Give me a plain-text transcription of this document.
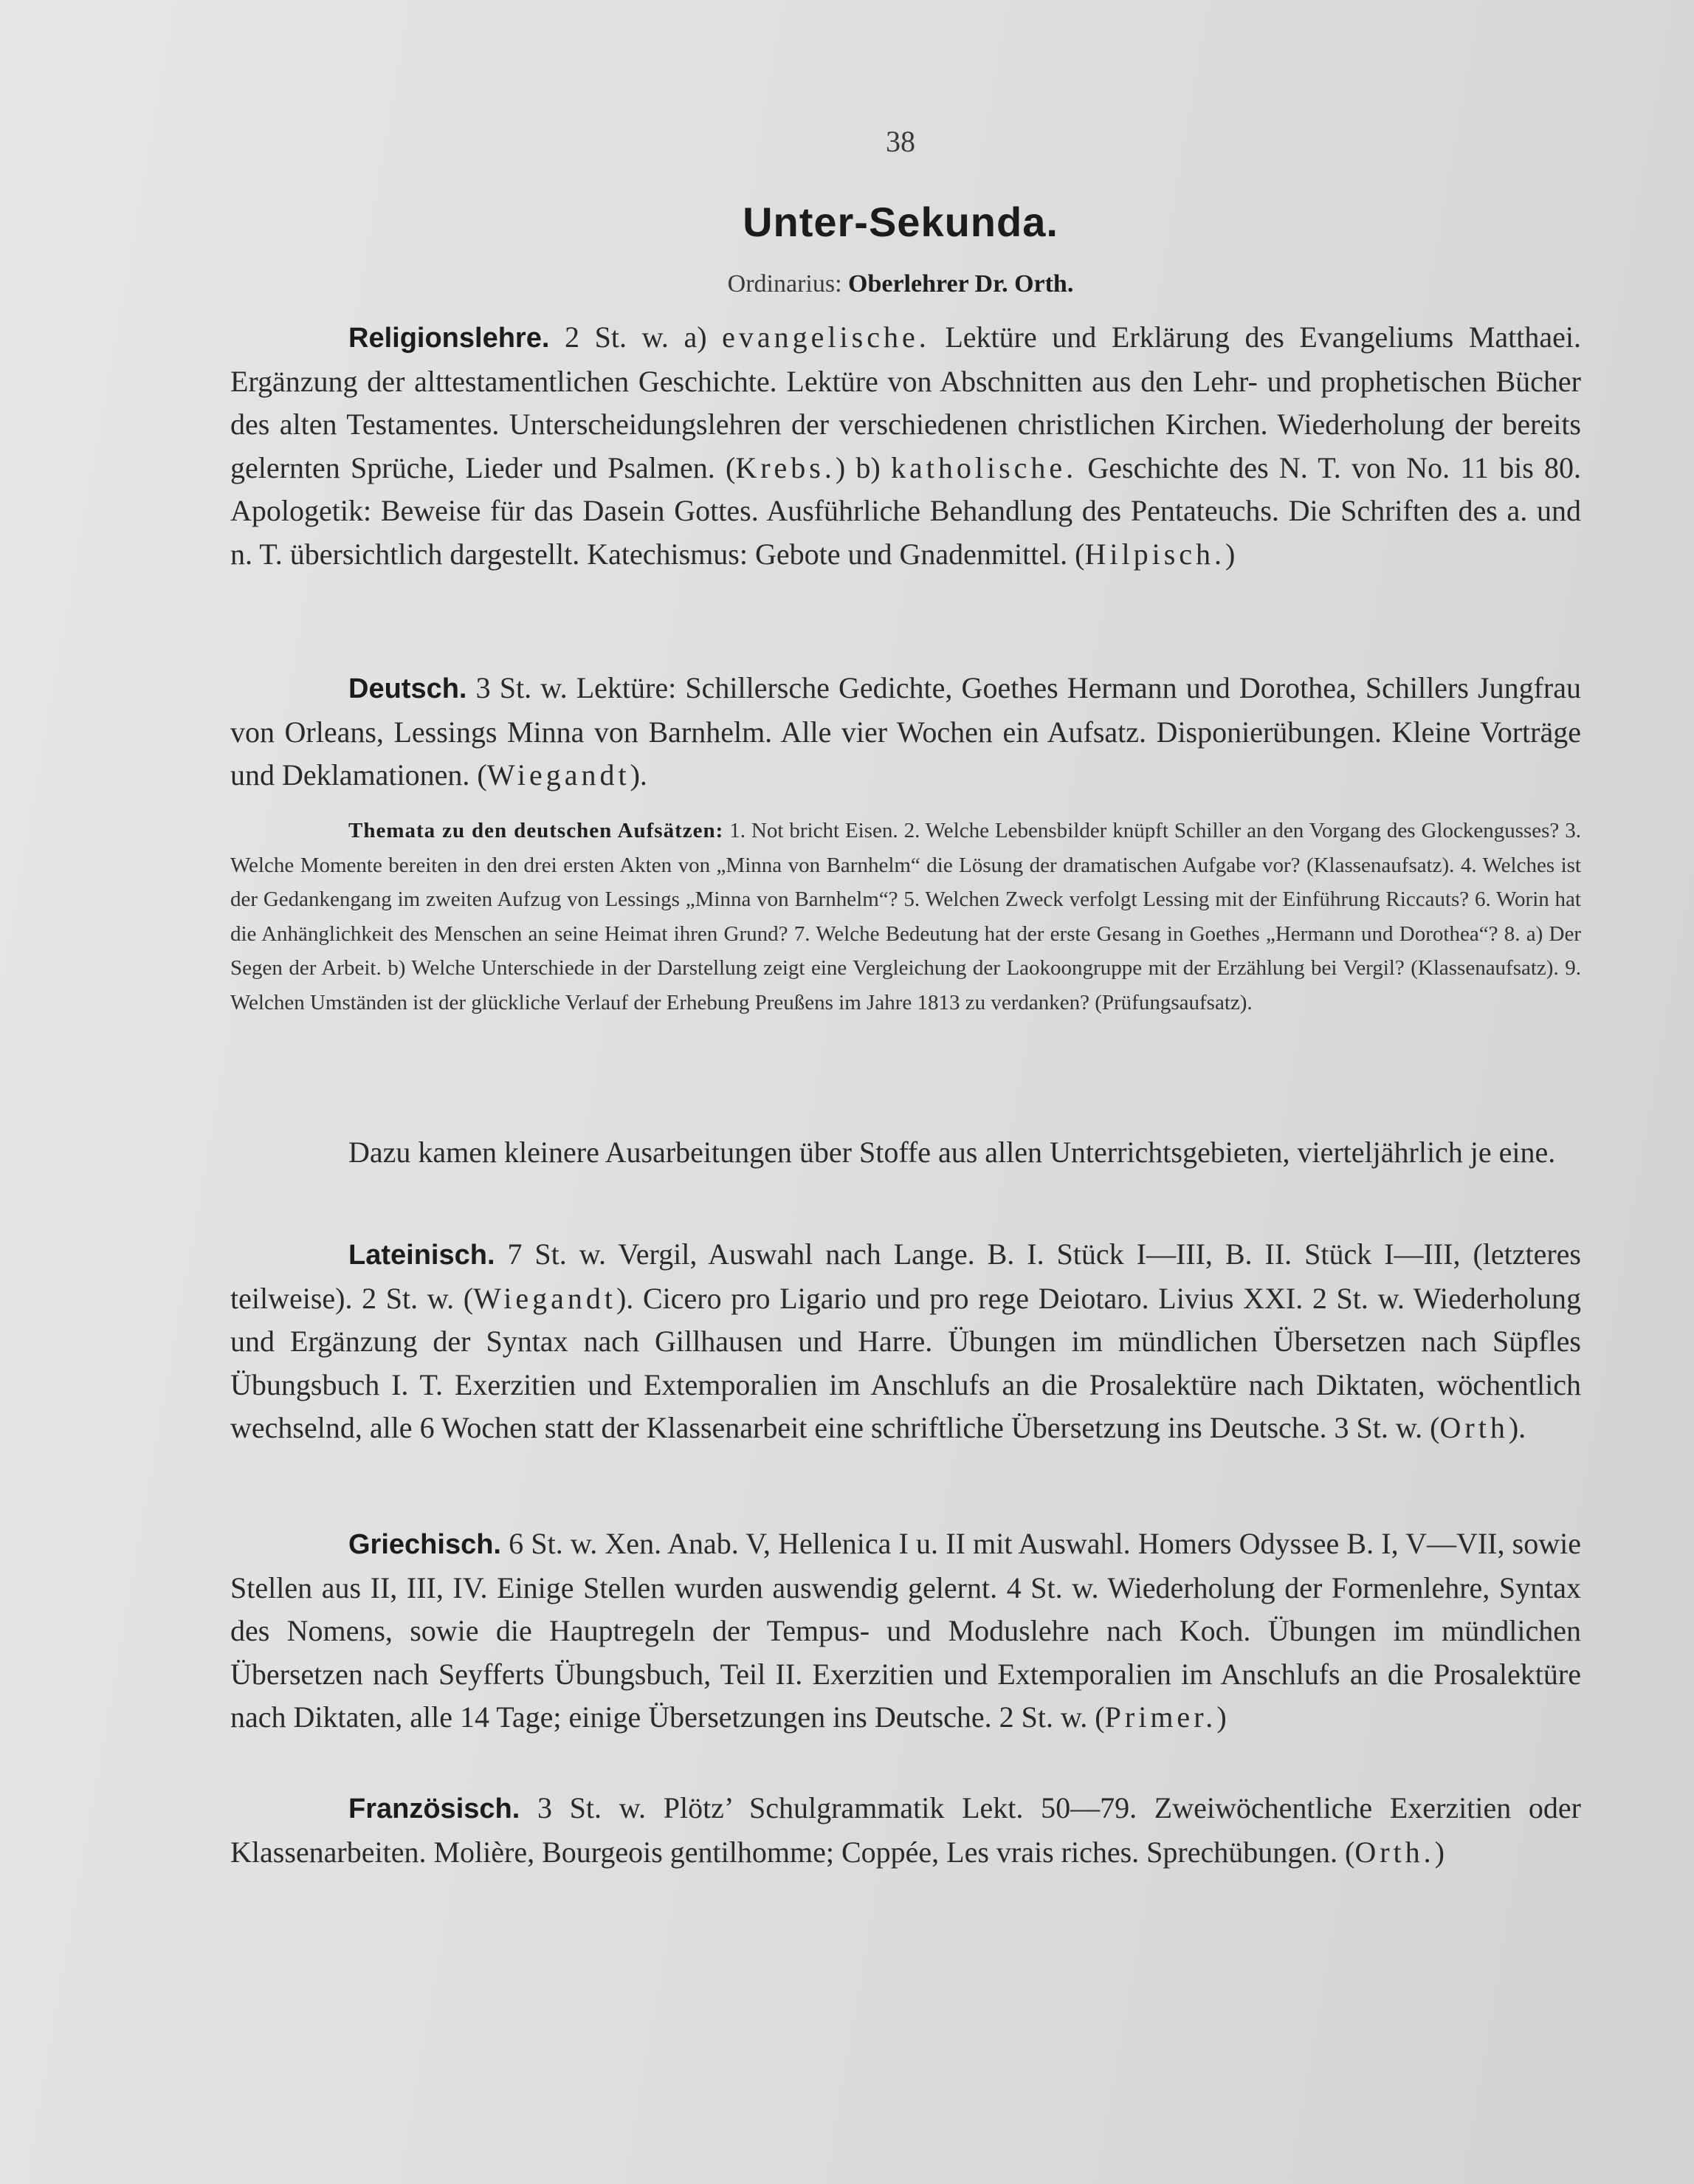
38
Unter-Sekunda.
Ordinarius: Oberlehrer Dr. Orth.

Religionslehre. 2 St. w. a) evangelische. Lektüre und Erklärung des Evangeliums Matthaei. Ergänzung der alttestamentlichen Geschichte. Lektüre von Abschnitten aus den Lehr- und prophetischen Bücher des alten Testamentes. Unterscheidungslehren der verschiedenen christlichen Kirchen. Wiederholung der bereits gelernten Sprüche, Lieder und Psalmen. (Krebs.) b) katholische. Geschichte des N. T. von No. 11 bis 80. Apologetik: Beweise für das Dasein Gottes. Ausführliche Behandlung des Pentateuchs. Die Schriften des a. und n. T. übersichtlich dargestellt. Katechismus: Gebote und Gnadenmittel. (Hilpisch.)

Deutsch. 3 St. w. Lektüre: Schillersche Gedichte, Goethes Hermann und Dorothea, Schillers Jungfrau von Orleans, Lessings Minna von Barnhelm. Alle vier Wochen ein Aufsatz. Disponierübungen. Kleine Vorträge und Deklamationen. (Wiegandt).

Themata zu den deutschen Aufsätzen: 1. Not bricht Eisen. 2. Welche Lebensbilder knüpft Schiller an den Vorgang des Glockengusses? 3. Welche Momente bereiten in den drei ersten Akten von „Minna von Barnhelm“ die Lösung der dramatischen Aufgabe vor? (Klassenaufsatz). 4. Welches ist der Gedankengang im zweiten Aufzug von Lessings „Minna von Barnhelm“? 5. Welchen Zweck verfolgt Lessing mit der Einführung Riccauts? 6. Worin hat die Anhänglichkeit des Menschen an seine Heimat ihren Grund? 7. Welche Bedeutung hat der erste Gesang in Goethes „Hermann und Dorothea“? 8. a) Der Segen der Arbeit. b) Welche Unterschiede in der Darstellung zeigt eine Vergleichung der Laokoongruppe mit der Erzählung bei Vergil? (Klassenaufsatz). 9. Welchen Umständen ist der glückliche Verlauf der Erhebung Preußens im Jahre 1813 zu verdanken? (Prüfungsaufsatz).

Dazu kamen kleinere Ausarbeitungen über Stoffe aus allen Unterrichtsgebieten, vierteljährlich je eine.

Lateinisch. 7 St. w. Vergil, Auswahl nach Lange. B. I. Stück I—III, B. II. Stück I—III, (letzteres teilweise). 2 St. w. (Wiegandt). Cicero pro Ligario und pro rege Deiotaro. Livius XXI. 2 St. w. Wiederholung und Ergänzung der Syntax nach Gillhausen und Harre. Übungen im mündlichen Übersetzen nach Süpfles Übungsbuch I. T. Exerzitien und Extemporalien im Anschlufs an die Prosalektüre nach Diktaten, wöchentlich wechselnd, alle 6 Wochen statt der Klassenarbeit eine schriftliche Übersetzung ins Deutsche. 3 St. w. (Orth).

Griechisch. 6 St. w. Xen. Anab. V, Hellenica I u. II mit Auswahl. Homers Odyssee B. I, V—VII, sowie Stellen aus II, III, IV. Einige Stellen wurden auswendig gelernt. 4 St. w. Wiederholung der Formenlehre, Syntax des Nomens, sowie die Hauptregeln der Tempus- und Moduslehre nach Koch. Übungen im mündlichen Übersetzen nach Seyfferts Übungsbuch, Teil II. Exerzitien und Extemporalien im Anschlufs an die Prosalektüre nach Diktaten, alle 14 Tage; einige Übersetzungen ins Deutsche. 2 St. w. (Primer.)

Französisch. 3 St. w. Plötz’ Schulgrammatik Lekt. 50—79. Zweiwöchentliche Exerzitien oder Klassenarbeiten. Molière, Bourgeois gentilhomme; Coppée, Les vrais riches. Sprechübungen. (Orth.)
